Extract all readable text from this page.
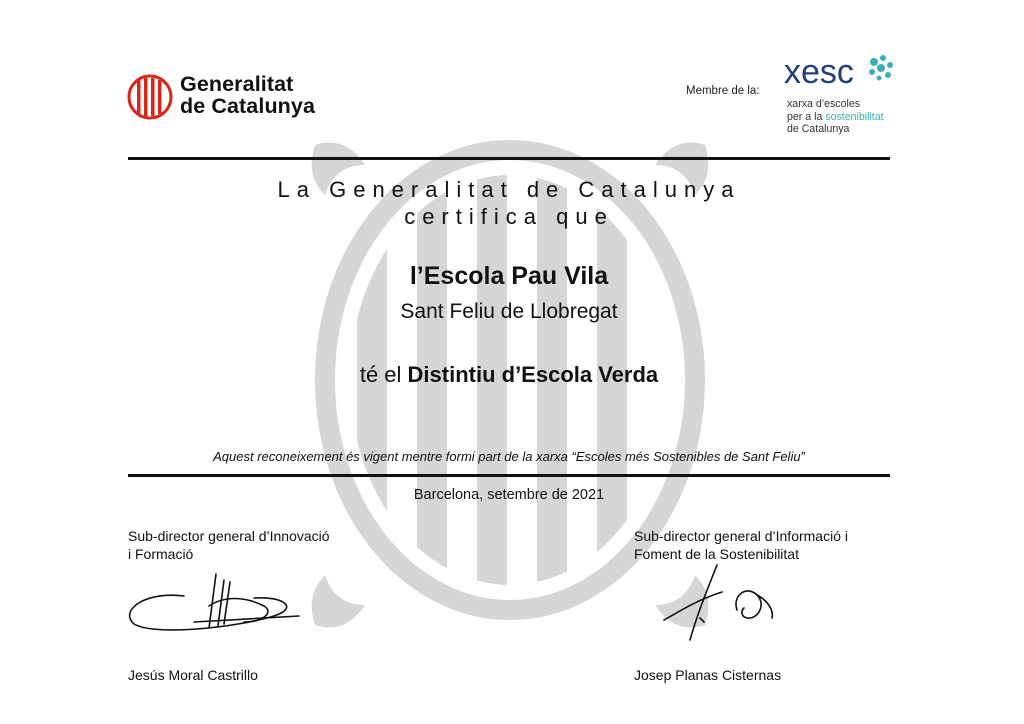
Generalitat
de Catalunya
Membre de la: xesc
xarxa d’escoles
per a la sostenibilitat
de Catalunya
La Generalitat de Catalunya
certifica que
l’Escola Pau Vila
Sant Feliu de Llobregat
té el Distintiu d’Escola Verda
Aquest reconeixement és vigent mentre formi part de la xarxa “Escoles més Sostenibles de Sant Feliu”
Barcelona, setembre de 2021
Sub-director general d’Innovació
i Formació
Sub-director general d’Informació i
Foment de la Sostenibilitat
Jesús Moral Castrillo	Josep Planas Cisternas
